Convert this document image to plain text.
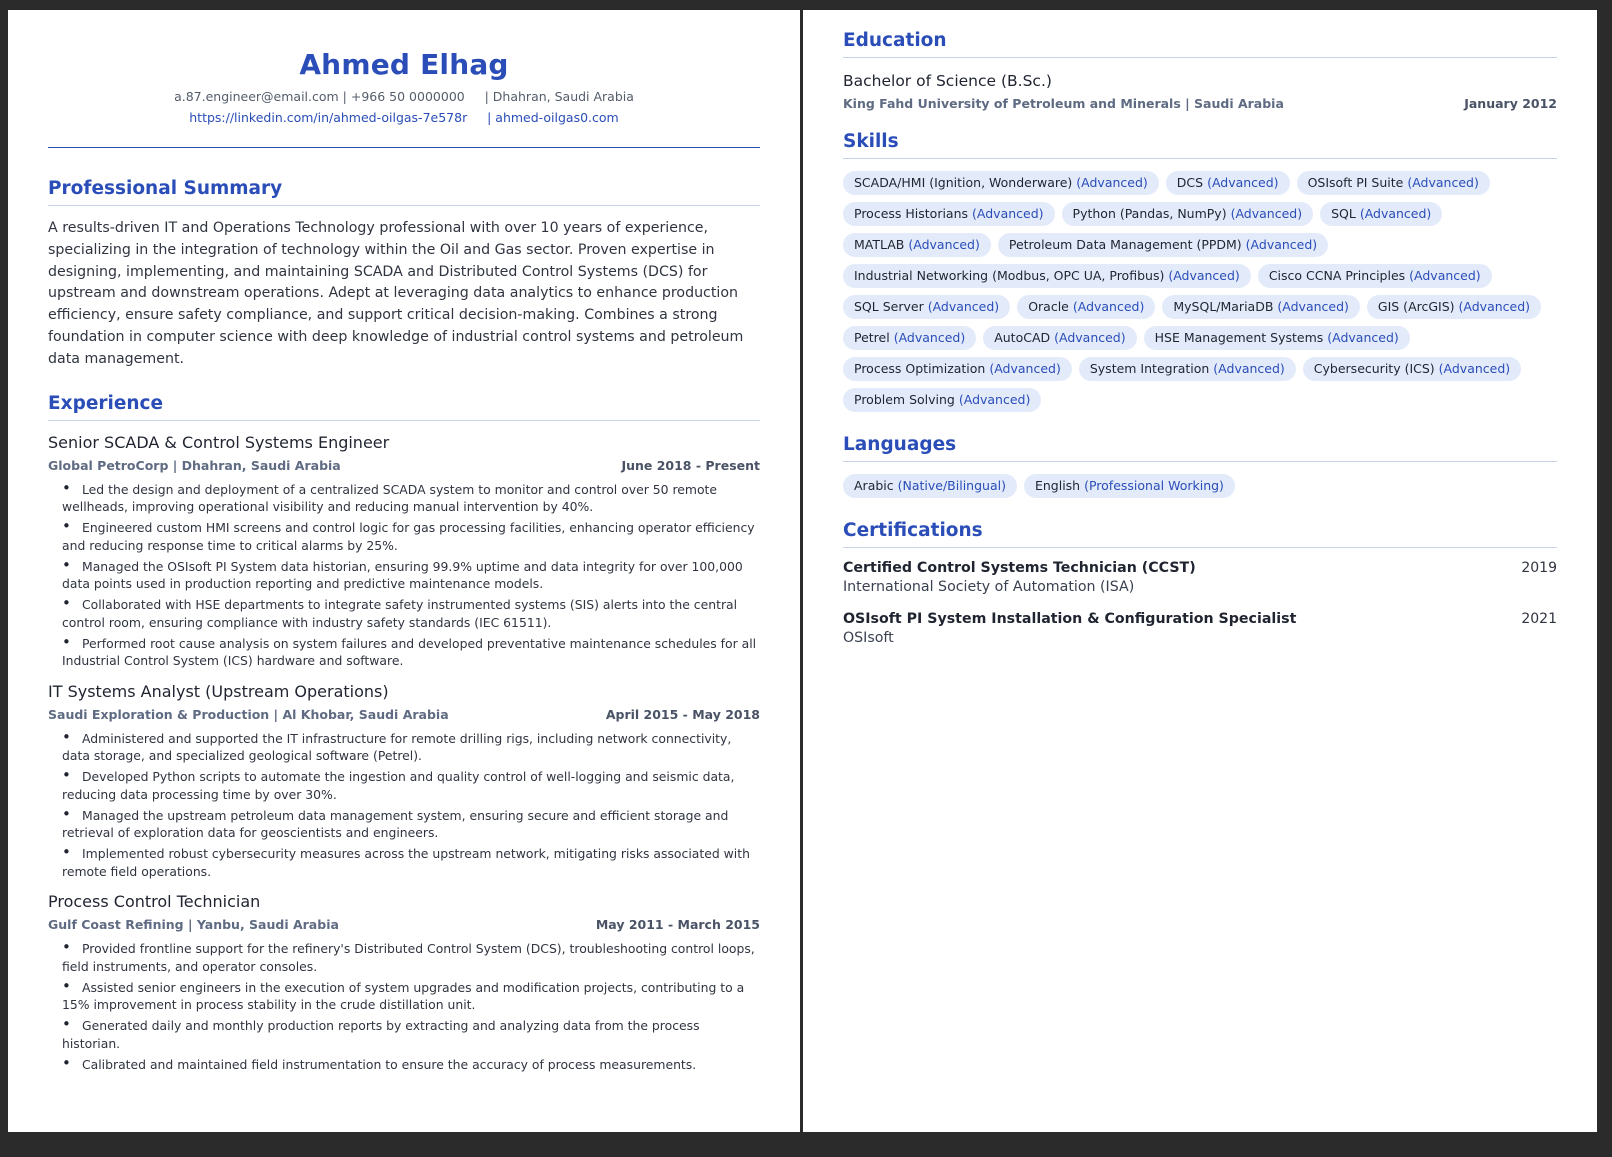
Ahmed Elhag
a.87.engineer@email.com | +966 50 0000000     | Dhahran, Saudi Arabia
https://linkedin.com/in/ahmed-oilgas-7e578r     | ahmed-oilgas0.com
Professional Summary

A results-driven IT and Operations Technology professional with over 10 years of experience, specializing in the integration of technology within the Oil and Gas sector. Proven expertise in designing, implementing, and maintaining SCADA and Distributed Control Systems (DCS) for upstream and downstream operations. Adept at leveraging data analytics to enhance production efficiency, ensure safety compliance, and support critical decision-making. Combines a strong foundation in computer science with deep knowledge of industrial control systems and petroleum data management.

Experience
Senior SCADA & Control Systems Engineer
Global PetroCorp | Dhahran, Saudi Arabia	June 2018 - Present
• Led the design and deployment of a centralized SCADA system to monitor and control over 50 remote wellheads, improving operational visibility and reducing manual intervention by 40%.
• Engineered custom HMI screens and control logic for gas processing facilities, enhancing operator efficiency and reducing response time to critical alarms by 25%.
• Managed the OSIsoft PI System data historian, ensuring 99.9% uptime and data integrity for over 100,000 data points used in production reporting and predictive maintenance models.
• Collaborated with HSE departments to integrate safety instrumented systems (SIS) alerts into the central control room, ensuring compliance with industry safety standards (IEC 61511).
• Performed root cause analysis on system failures and developed preventative maintenance schedules for all Industrial Control System (ICS) hardware and software.
IT Systems Analyst (Upstream Operations)
Saudi Exploration & Production | Al Khobar, Saudi Arabia	April 2015 - May 2018
• Administered and supported the IT infrastructure for remote drilling rigs, including network connectivity, data storage, and specialized geological software (Petrel).
• Developed Python scripts to automate the ingestion and quality control of well-logging and seismic data, reducing data processing time by over 30%.
• Managed the upstream petroleum data management system, ensuring secure and efficient storage and retrieval of exploration data for geoscientists and engineers.
• Implemented robust cybersecurity measures across the upstream network, mitigating risks associated with remote field operations.
Process Control Technician
Gulf Coast Refining | Yanbu, Saudi Arabia	May 2011 - March 2015
• Provided frontline support for the refinery's Distributed Control System (DCS), troubleshooting control loops, field instruments, and operator consoles.
• Assisted senior engineers in the execution of system upgrades and modification projects, contributing to a 15% improvement in process stability in the crude distillation unit.
• Generated daily and monthly production reports by extracting and analyzing data from the process historian.
• Calibrated and maintained field instrumentation to ensure the accuracy of process measurements.
Education
Bachelor of Science (B.Sc.)
King Fahd University of Petroleum and Minerals | Saudi Arabia	January 2012
Skills
SCADA/HMI (Ignition, Wonderware) (Advanced)	DCS (Advanced)	OSIsoft PI Suite (Advanced)
Process Historians (Advanced)	Python (Pandas, NumPy) (Advanced)	SQL (Advanced)
MATLAB (Advanced)	Petroleum Data Management (PPDM) (Advanced)
Industrial Networking (Modbus, OPC UA, Profibus) (Advanced)	Cisco CCNA Principles (Advanced)
SQL Server (Advanced)	Oracle (Advanced)	MySQL/MariaDB (Advanced)	GIS (ArcGIS) (Advanced)
Petrel (Advanced)	AutoCAD (Advanced)	HSE Management Systems (Advanced)
Process Optimization (Advanced)	System Integration (Advanced)	Cybersecurity (ICS) (Advanced)
Problem Solving (Advanced)
Languages
Arabic (Native/Bilingual)	English (Professional Working)
Certifications
Certified Control Systems Technician (CCST)	2019
International Society of Automation (ISA)
OSIsoft PI System Installation & Configuration Specialist	2021
OSIsoft
